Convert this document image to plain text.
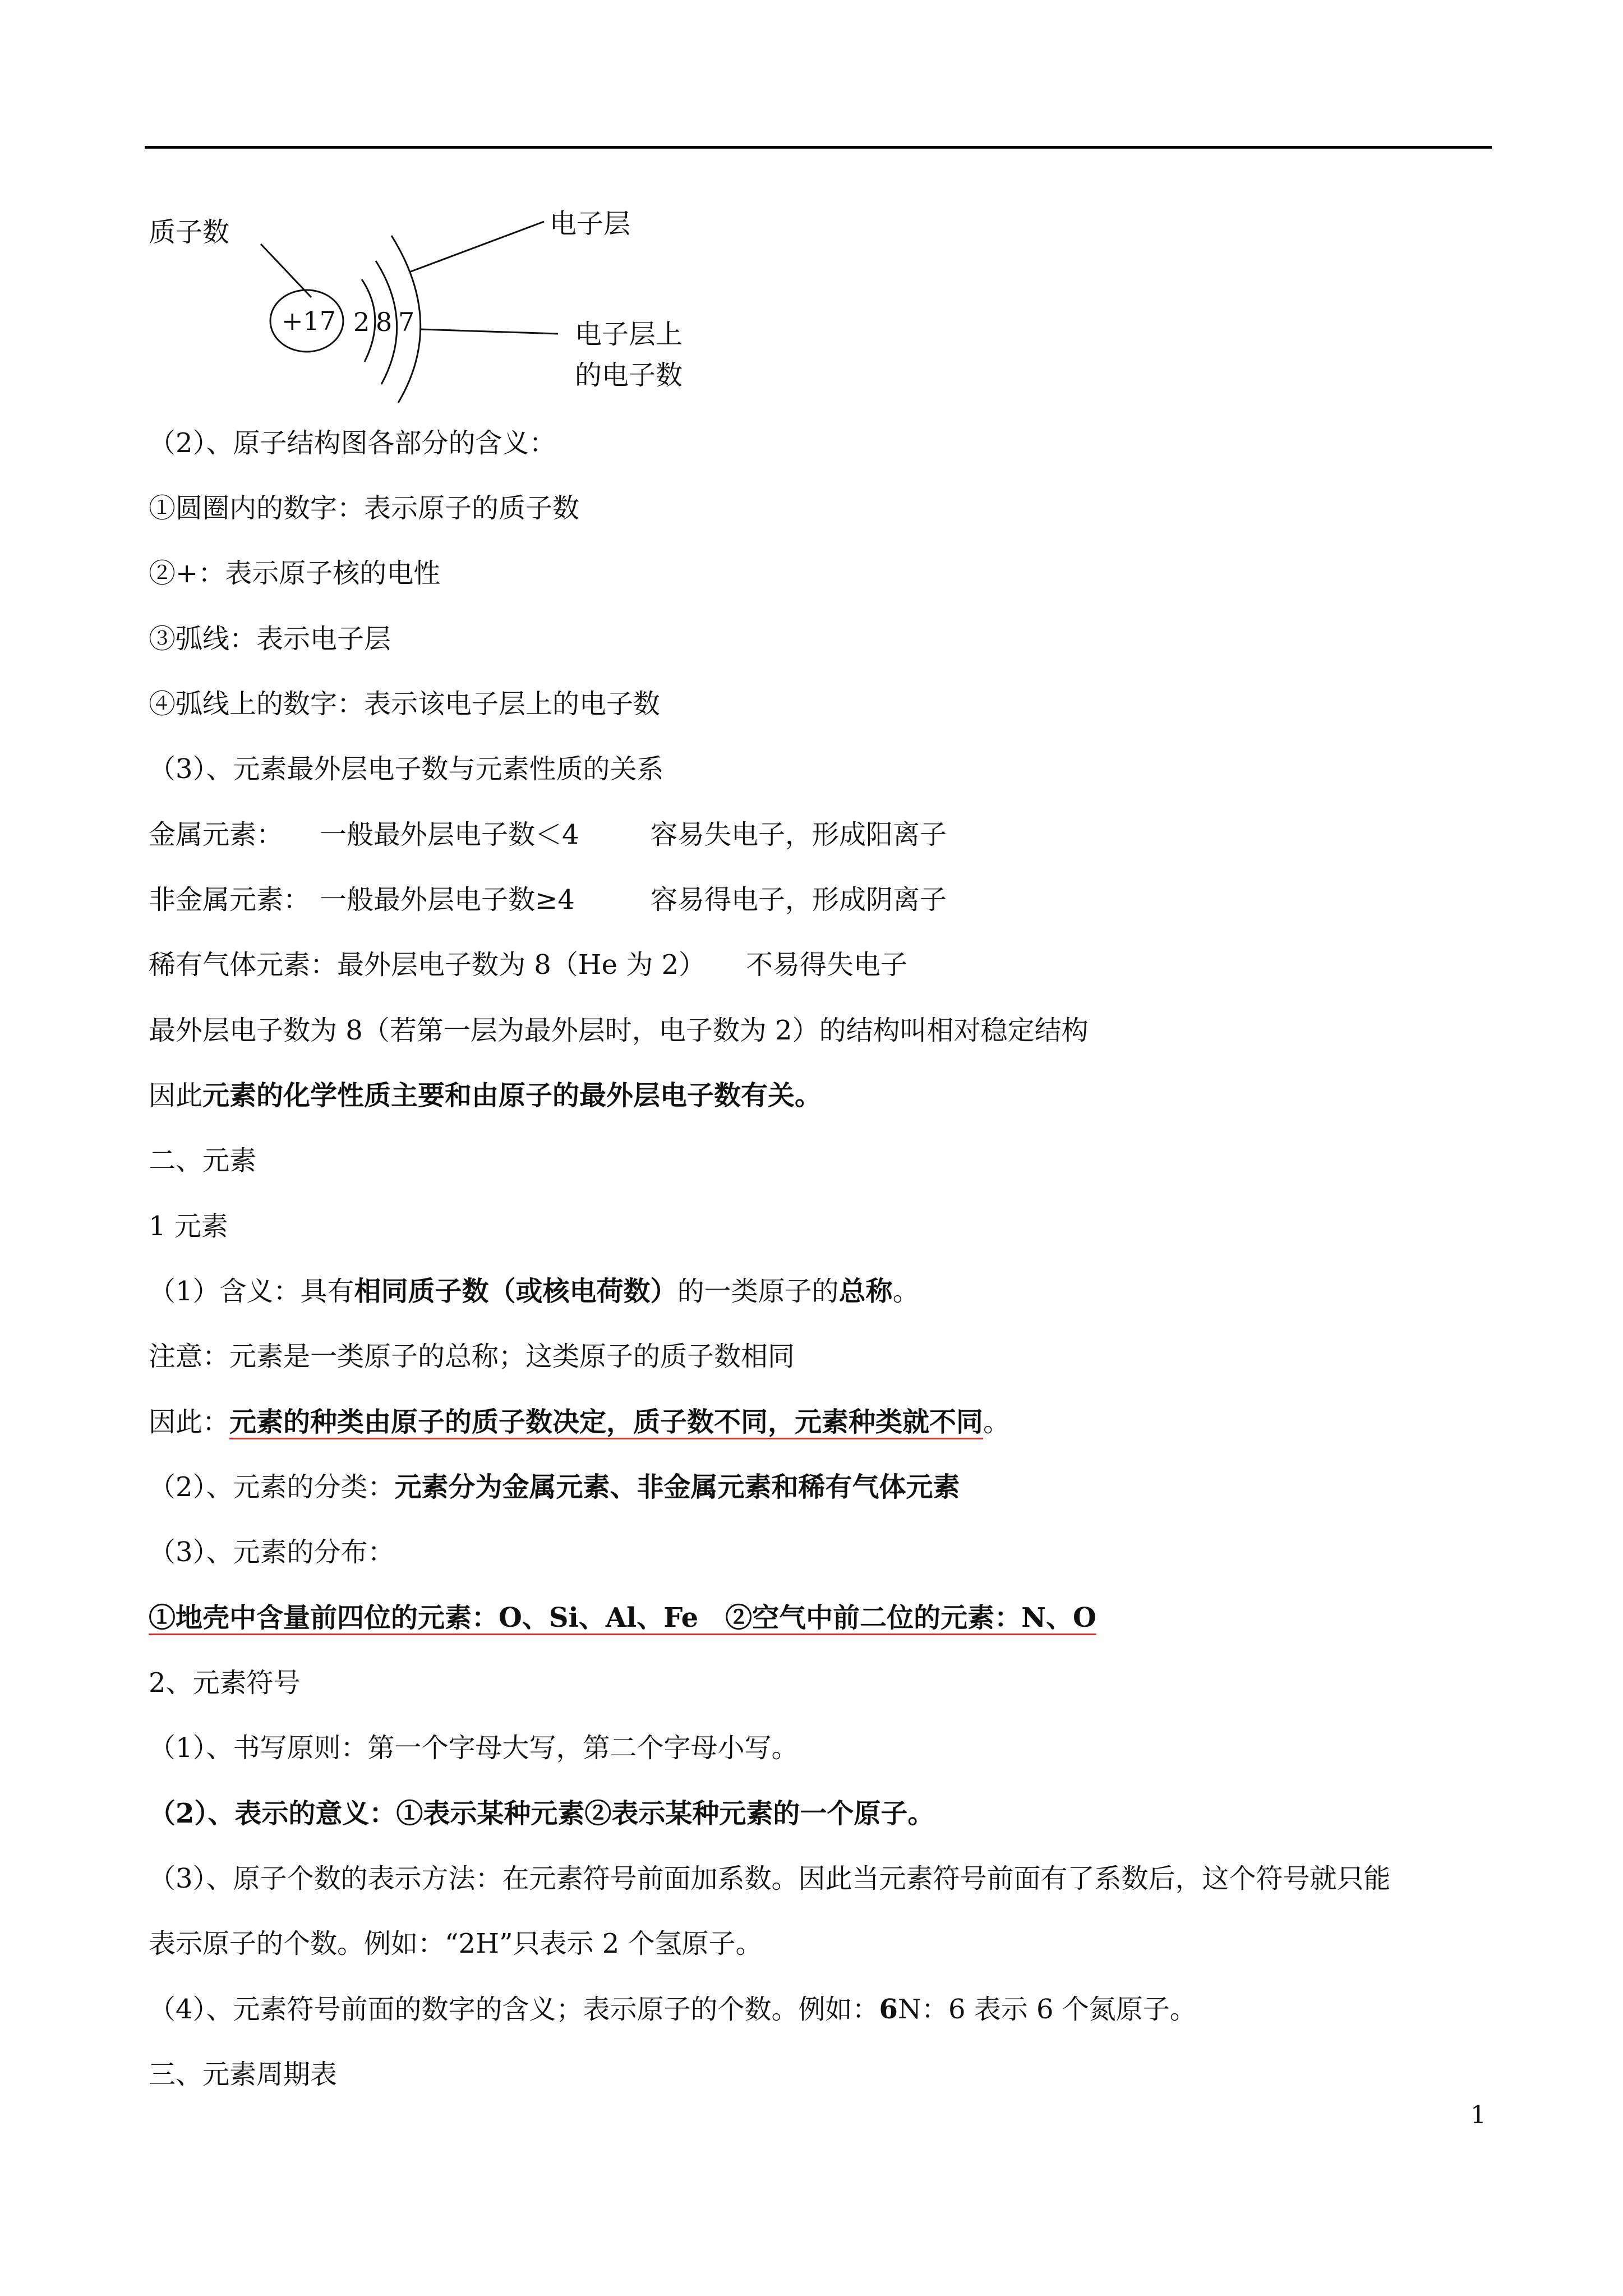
质子数	电子层
电子层上
的电子数
+17 2 8 7
（2）、原子结构图各部分的含义：
①圆圈内的数字：表示原子的质子数
②+：表示原子核的电性
③弧线：表示电子层
④弧线上的数字：表示该电子层上的电子数
（3）、元素最外层电子数与元素性质的关系
金属元素： 一般最外层电子数＜4	容易失电子，形成阳离子
非金属元素： 一般最外层电子数≥4	容易得电子，形成阴离子
稀有气体元素：最外层电子数为 8（He 为 2） 不易得失电子
最外层电子数为 8（若第一层为最外层时，电子数为 2）的结构叫相对稳定结构
因此元素的化学性质主要和由原子的最外层电子数有关。
二、元素
1 元素
（1）含义：具有相同质子数（或核电荷数）的一类原子的总称。
注意：元素是一类原子的总称；这类原子的质子数相同
因此：元素的种类由原子的质子数决定，质子数不同，元素种类就不同。
（2）、元素的分类：元素分为金属元素、非金属元素和稀有气体元素
（3）、元素的分布：
①地壳中含量前四位的元素：O、Si、Al、Fe　②空气中前二位的元素：N、O
2、元素符号
（1）、书写原则：第一个字母大写，第二个字母小写。
（2）、表示的意义：①表示某种元素②表示某种元素的一个原子。
（3）、原子个数的表示方法：在元素符号前面加系数。因此当元素符号前面有了系数后，这个符号就只能
表示原子的个数。例如：“2H”只表示 2 个氢原子。
（4）、元素符号前面的数字的含义；表示原子的个数。例如：6N：6 表示 6 个氮原子。
三、元素周期表
1
